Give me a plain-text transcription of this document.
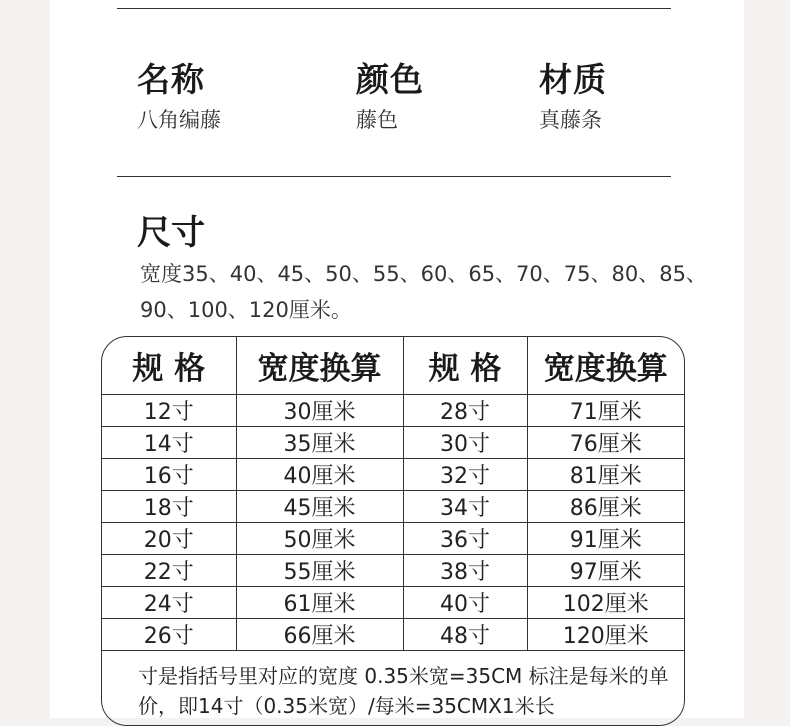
名称
八角编藤
颜色
藤色
材质
真藤条
尺寸
宽度35、40、45、50、55、60、65、70、75、80、85、90、100、120厘米。
规 格	宽度换算	规 格	宽度换算
12寸	30厘米	28寸	71厘米
14寸	35厘米	30寸	76厘米
16寸	40厘米	32寸	81厘米
18寸	45厘米	34寸	86厘米
20寸	50厘米	36寸	91厘米
22寸	55厘米	38寸	97厘米
24寸	61厘米	40寸	102厘米
26寸	66厘米	48寸	120厘米
寸是指括号里对应的宽度 0.35米宽=35CM 标注是每米的单价，即14寸（0.35米宽）/每米=35CMX1米长
